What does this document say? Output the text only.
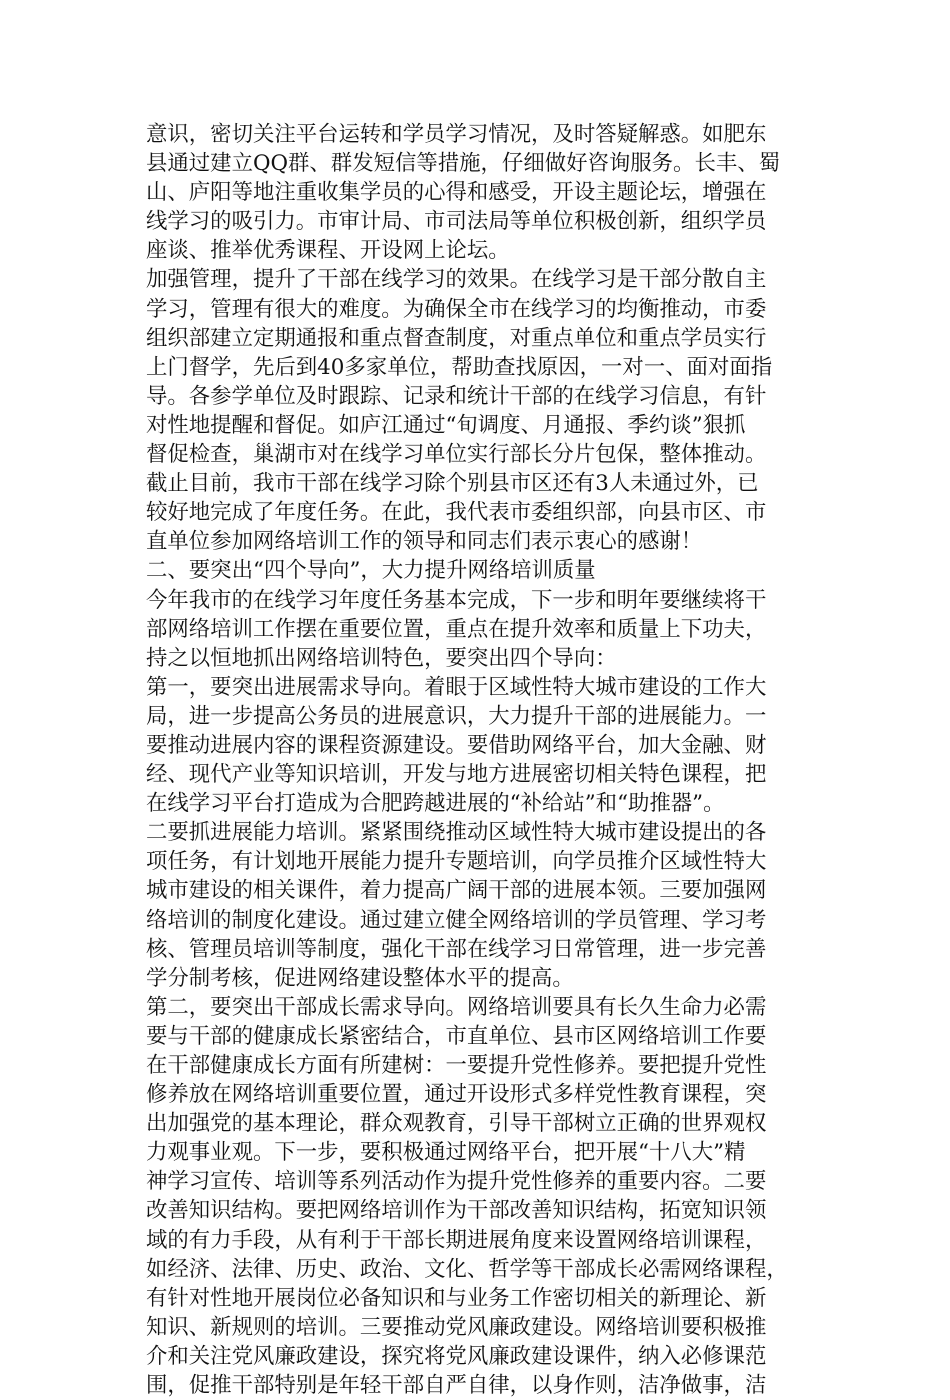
意识，密切关注平台运转和学员学习情况，及时答疑解惑。如肥东
县通过建立QQ群、群发短信等措施，仔细做好咨询服务。长丰、蜀
山、庐阳等地注重收集学员的心得和感受，开设主题论坛，增强在
线学习的吸引力。市审计局、市司法局等单位积极创新，组织学员
座谈、推举优秀课程、开设网上论坛。
加强管理，提升了干部在线学习的效果。在线学习是干部分散自主
学习，管理有很大的难度。为确保全市在线学习的均衡推动，市委
组织部建立定期通报和重点督查制度，对重点单位和重点学员实行
上门督学，先后到40多家单位，帮助查找原因，一对一、面对面指
导。各参学单位及时跟踪、记录和统计干部的在线学习信息，有针
对性地提醒和督促。如庐江通过“旬调度、月通报、季约谈”狠抓
督促检查，巢湖市对在线学习单位实行部长分片包保，整体推动。
截止目前，我市干部在线学习除个别县市区还有3人未通过外，已
较好地完成了年度任务。在此，我代表市委组织部，向县市区、市
直单位参加网络培训工作的领导和同志们表示衷心的感谢！
二、要突出“四个导向”，大力提升网络培训质量
今年我市的在线学习年度任务基本完成，下一步和明年要继续将干
部网络培训工作摆在重要位置，重点在提升效率和质量上下功夫，
持之以恒地抓出网络培训特色，要突出四个导向：
第一，要突出进展需求导向。着眼于区域性特大城市建设的工作大
局，进一步提高公务员的进展意识，大力提升干部的进展能力。一
要推动进展内容的课程资源建设。要借助网络平台，加大金融、财
经、现代产业等知识培训，开发与地方进展密切相关特色课程，把
在线学习平台打造成为合肥跨越进展的“补给站”和“助推器”。
二要抓进展能力培训。紧紧围绕推动区域性特大城市建设提出的各
项任务，有计划地开展能力提升专题培训，向学员推介区域性特大
城市建设的相关课件，着力提高广阔干部的进展本领。三要加强网
络培训的制度化建设。通过建立健全网络培训的学员管理、学习考
核、管理员培训等制度，强化干部在线学习日常管理，进一步完善
学分制考核，促进网络建设整体水平的提高。
第二，要突出干部成长需求导向。网络培训要具有长久生命力必需
要与干部的健康成长紧密结合，市直单位、县市区网络培训工作要
在干部健康成长方面有所建树：一要提升党性修养。要把提升党性
修养放在网络培训重要位置，通过开设形式多样党性教育课程，突
出加强党的基本理论，群众观教育，引导干部树立正确的世界观权
力观事业观。下一步，要积极通过网络平台，把开展“十八大”精
神学习宣传、培训等系列活动作为提升党性修养的重要内容。二要
改善知识结构。要把网络培训作为干部改善知识结构，拓宽知识领
域的有力手段，从有利于干部长期进展角度来设置网络培训课程，
如经济、法律、历史、政治、文化、哲学等干部成长必需网络课程，
有针对性地开展岗位必备知识和与业务工作密切相关的新理论、新
知识、新规则的培训。三要推动党风廉政建设。网络培训要积极推
介和关注党风廉政建设，探究将党风廉政建设课件，纳入必修课范
围，促推干部特别是年轻干部自严自律，以身作则，洁净做事，洁
